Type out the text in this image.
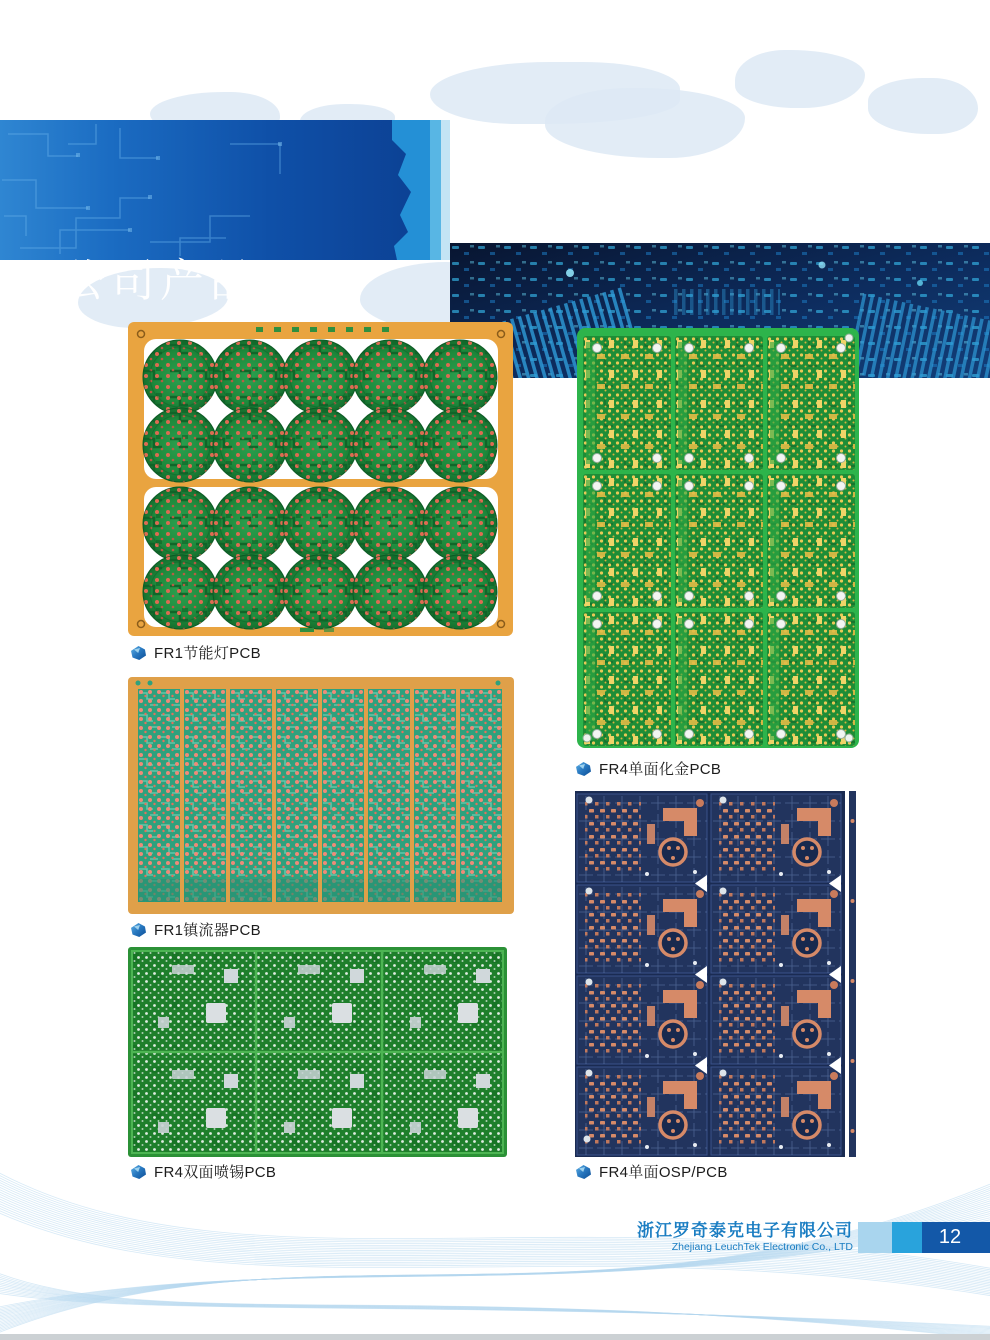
公司产品
FR1节能灯PCB
FR1镇流器PCB
FR4双面喷锡PCB
FR4单面化金PCB
FR4单面OSP/PCB
浙江罗奇泰克电子有限公司
Zhejiang LeuchTek Electronic Co., LTD	12
